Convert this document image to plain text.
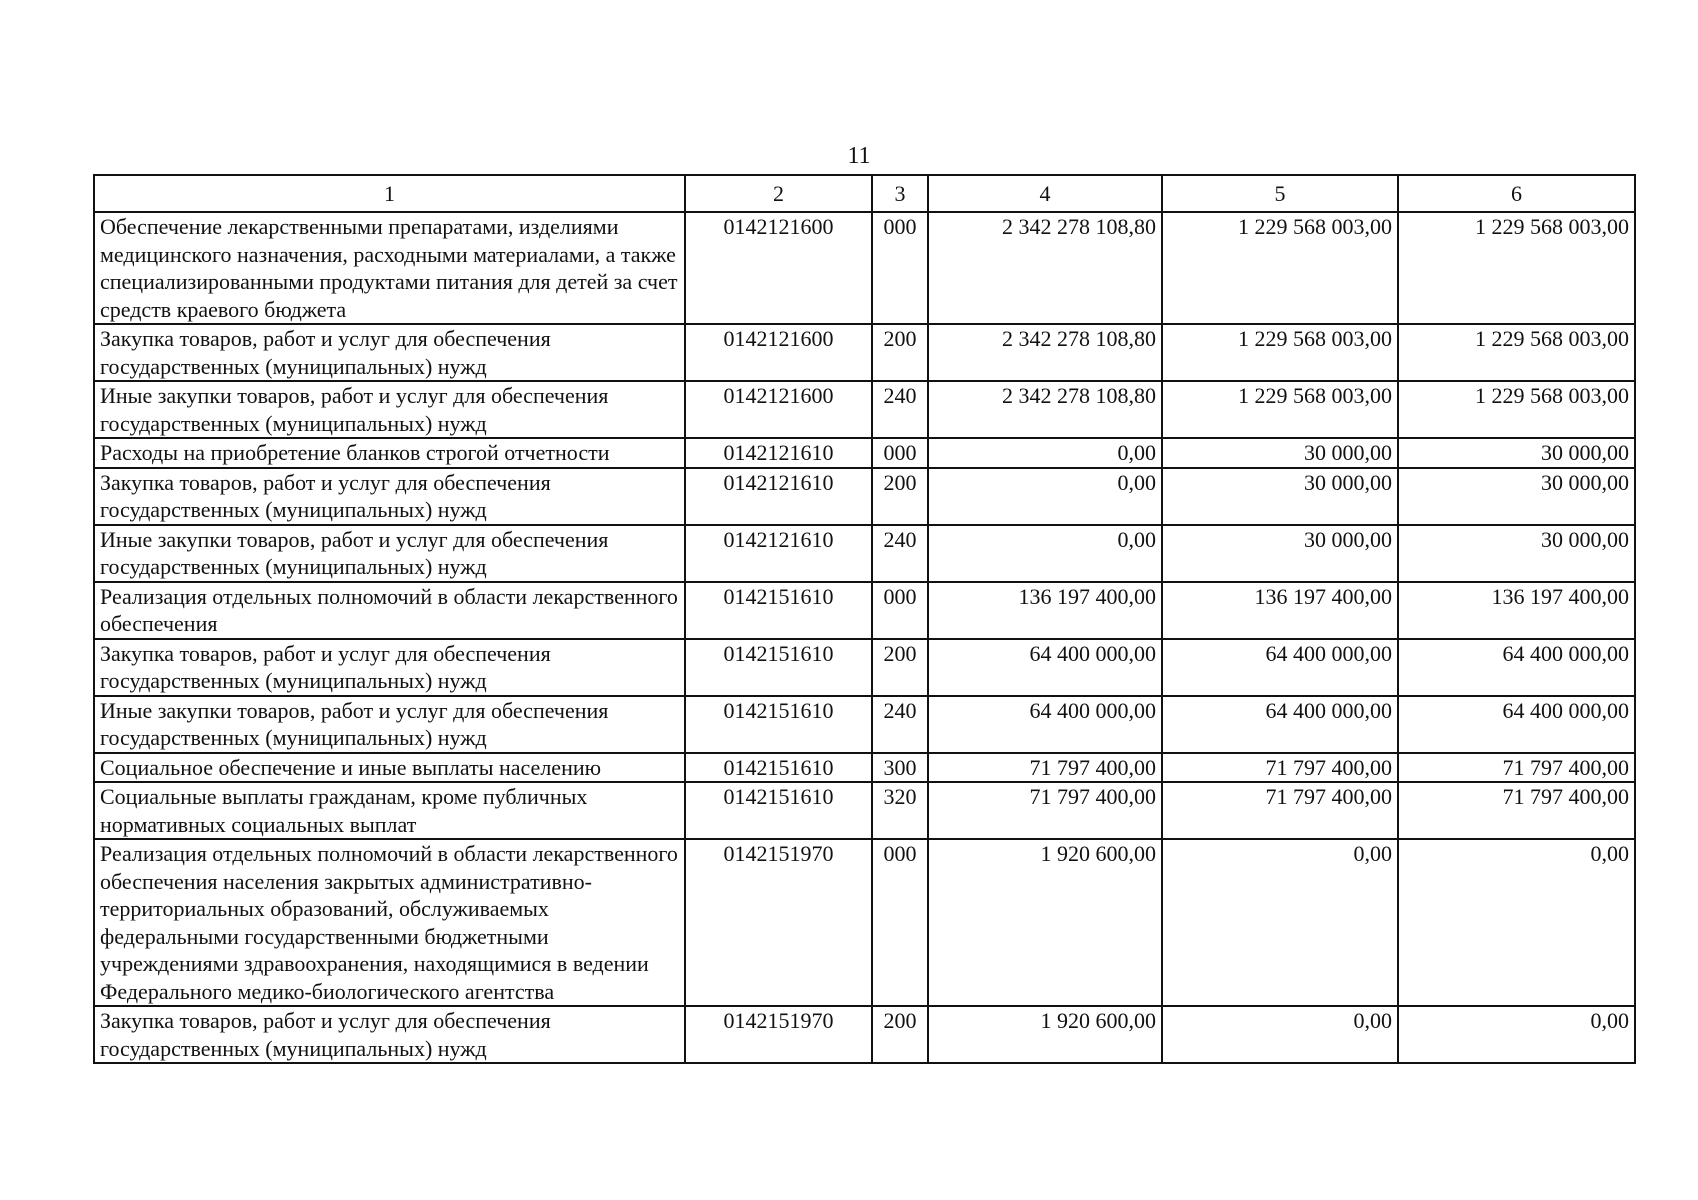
11
1	2	3	4	5	6
Обеспечение лекарственными препаратами, изделиями медицинского назначения, расходными материалами, а также специализированными продуктами питания для детей за счет средств краевого бюджета	0142121600	000	2 342 278 108,80	1 229 568 003,00	1 229 568 003,00
Закупка товаров, работ и услуг для обеспечения государственных (муниципальных) нужд	0142121600	200	2 342 278 108,80	1 229 568 003,00	1 229 568 003,00
Иные закупки товаров, работ и услуг для обеспечения государственных (муниципальных) нужд	0142121600	240	2 342 278 108,80	1 229 568 003,00	1 229 568 003,00
Расходы на приобретение бланков строгой отчетности	0142121610	000	0,00	30 000,00	30 000,00
Закупка товаров, работ и услуг для обеспечения государственных (муниципальных) нужд	0142121610	200	0,00	30 000,00	30 000,00
Иные закупки товаров, работ и услуг для обеспечения государственных (муниципальных) нужд	0142121610	240	0,00	30 000,00	30 000,00
Реализация отдельных полномочий в области лекарственного обеспечения	0142151610	000	136 197 400,00	136 197 400,00	136 197 400,00
Закупка товаров, работ и услуг для обеспечения государственных (муниципальных) нужд	0142151610	200	64 400 000,00	64 400 000,00	64 400 000,00
Иные закупки товаров, работ и услуг для обеспечения государственных (муниципальных) нужд	0142151610	240	64 400 000,00	64 400 000,00	64 400 000,00
Социальное обеспечение и иные выплаты населению	0142151610	300	71 797 400,00	71 797 400,00	71 797 400,00
Социальные выплаты гражданам, кроме публичных нормативных социальных выплат	0142151610	320	71 797 400,00	71 797 400,00	71 797 400,00
Реализация отдельных полномочий в области лекарственного обеспечения населения закрытых административно-территориальных образований, обслуживаемых федеральными государственными бюджетными учреждениями здравоохранения, находящимися в ведении Федерального медико-биологического агентства	0142151970	000	1 920 600,00	0,00	0,00
Закупка товаров, работ и услуг для обеспечения государственных (муниципальных) нужд	0142151970	200	1 920 600,00	0,00	0,00
